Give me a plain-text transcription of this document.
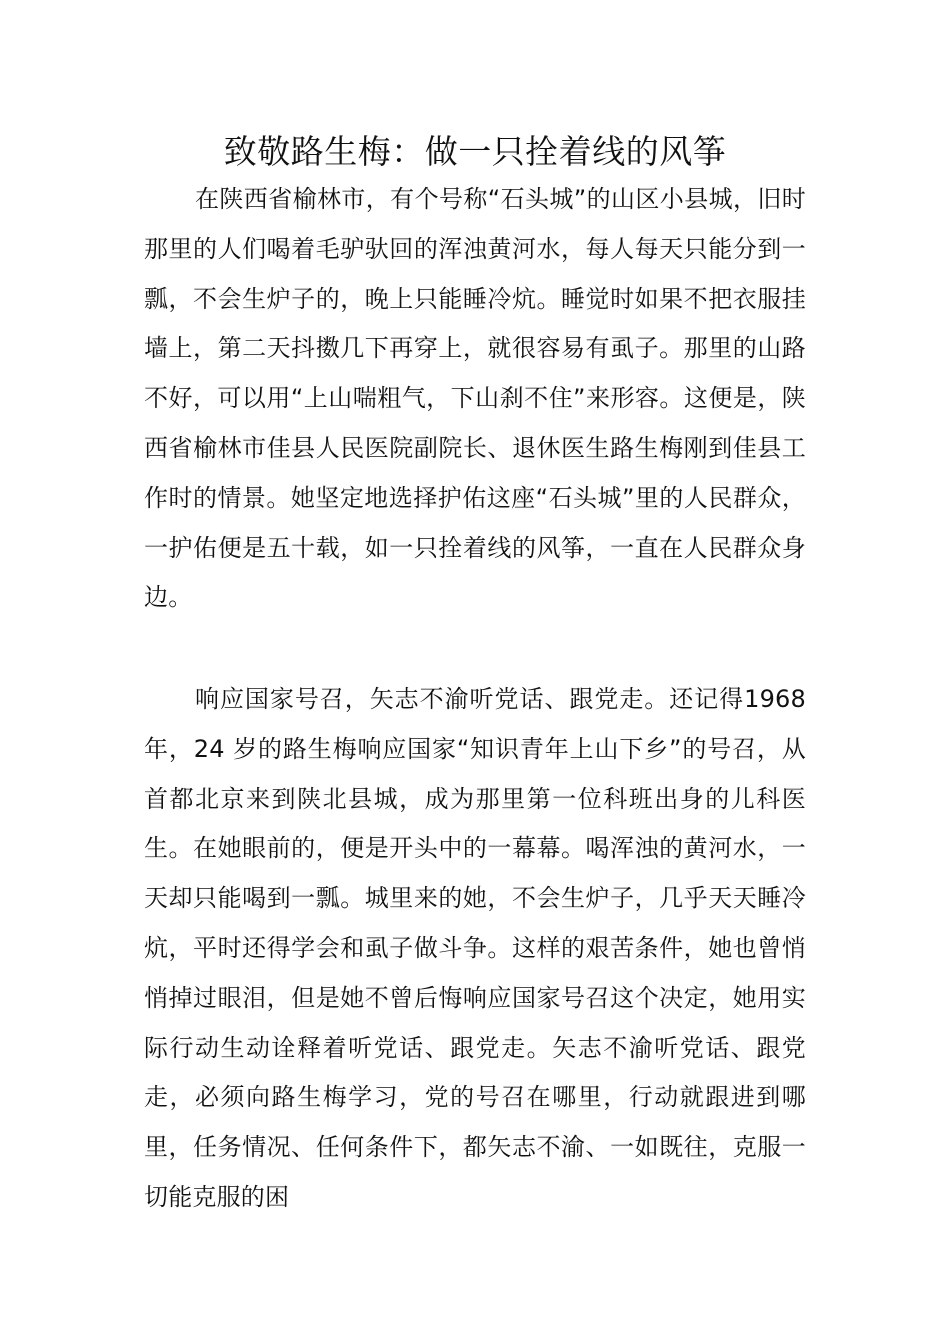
致敬路生梅：做一只拴着线的风筝

在陕西省榆林市，有个号称“石头城”的山区小县城，旧时那里的人们喝着毛驴驮回的浑浊黄河水，每人每天只能分到一瓢，不会生炉子的，晚上只能睡冷炕。睡觉时如果不把衣服挂墙上，第二天抖擞几下再穿上，就很容易有虱子。那里的山路不好，可以用“上山喘粗气，下山刹不住”来形容。这便是，陕西省榆林市佳县人民医院副院长、退休医生路生梅刚到佳县工作时的情景。她坚定地选择护佑这座“石头城”里的人民群众，一护佑便是五十载，如一只拴着线的风筝，一直在人民群众身边。

响应国家号召，矢志不渝听党话、跟党走。还记得1968 年，24 岁的路生梅响应国家“知识青年上山下乡”的号召，从首都北京来到陕北县城，成为那里第一位科班出身的儿科医生。在她眼前的，便是开头中的一幕幕。喝浑浊的黄河水，一天却只能喝到一瓢。城里来的她，不会生炉子，几乎天天睡冷炕，平时还得学会和虱子做斗争。这样的艰苦条件，她也曾悄悄掉过眼泪，但是她不曾后悔响应国家号召这个决定，她用实际行动生动诠释着听党话、跟党走。矢志不渝听党话、跟党走，必须向路生梅学习，党的号召在哪里，行动就跟进到哪里，任务情况、任何条件下，都矢志不渝、一如既往，克服一切能克服的困
